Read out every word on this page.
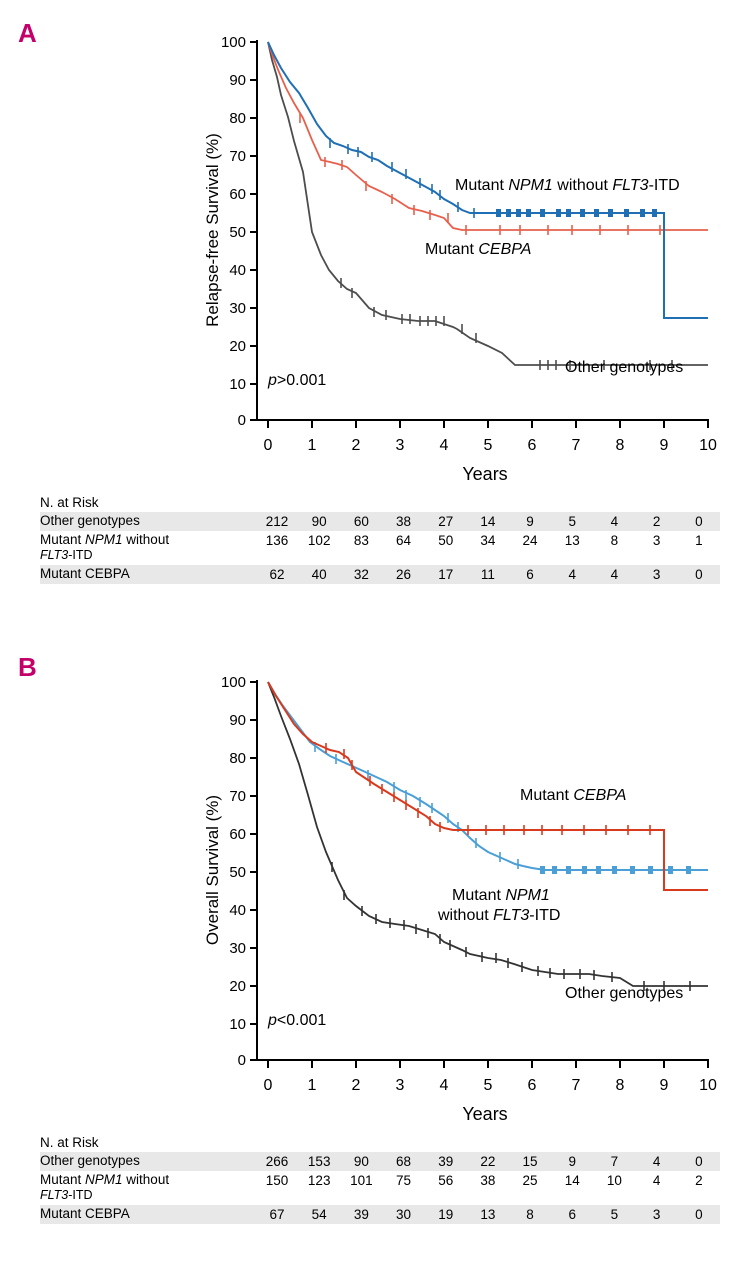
A	100
90
80
70
60
50
40
30
20
10
0
0 1 2 3 4 5 6 7 8 9 10
Mutant NPM1 without FLT3-ITD
Mutant CEBPA
Other genotypes
p>0.001
Relapse-free Survival (%)
Years
N. at Risk
Other genotypes	212	90	60	38	27	14	9	5	4	2	0
Mutant NPM1 without
FLT3-ITD	136	102	83	64	50	34	24	13	8	3	1
Mutant CEBPA	62	40	32	26	17	11	6	4	4	3	0
B
100
90
80
70
60
50
40
30
20
10
0
0 1 2 3 4 5 6 7 8 9 10
Mutant CEBPA
Mutant NPM1
without FLT3-ITD
Other genotypes
p<0.001
Overall Survival (%)
Years
N. at Risk
Other genotypes	266	153	90	68	39	22	15	9	7	4	0
Mutant NPM1 without
FLT3-ITD	150	123	101	75	56	38	25	14	10	4	2
Mutant CEBPA	67	54	39	30	19	13	8	6	5	3	0
